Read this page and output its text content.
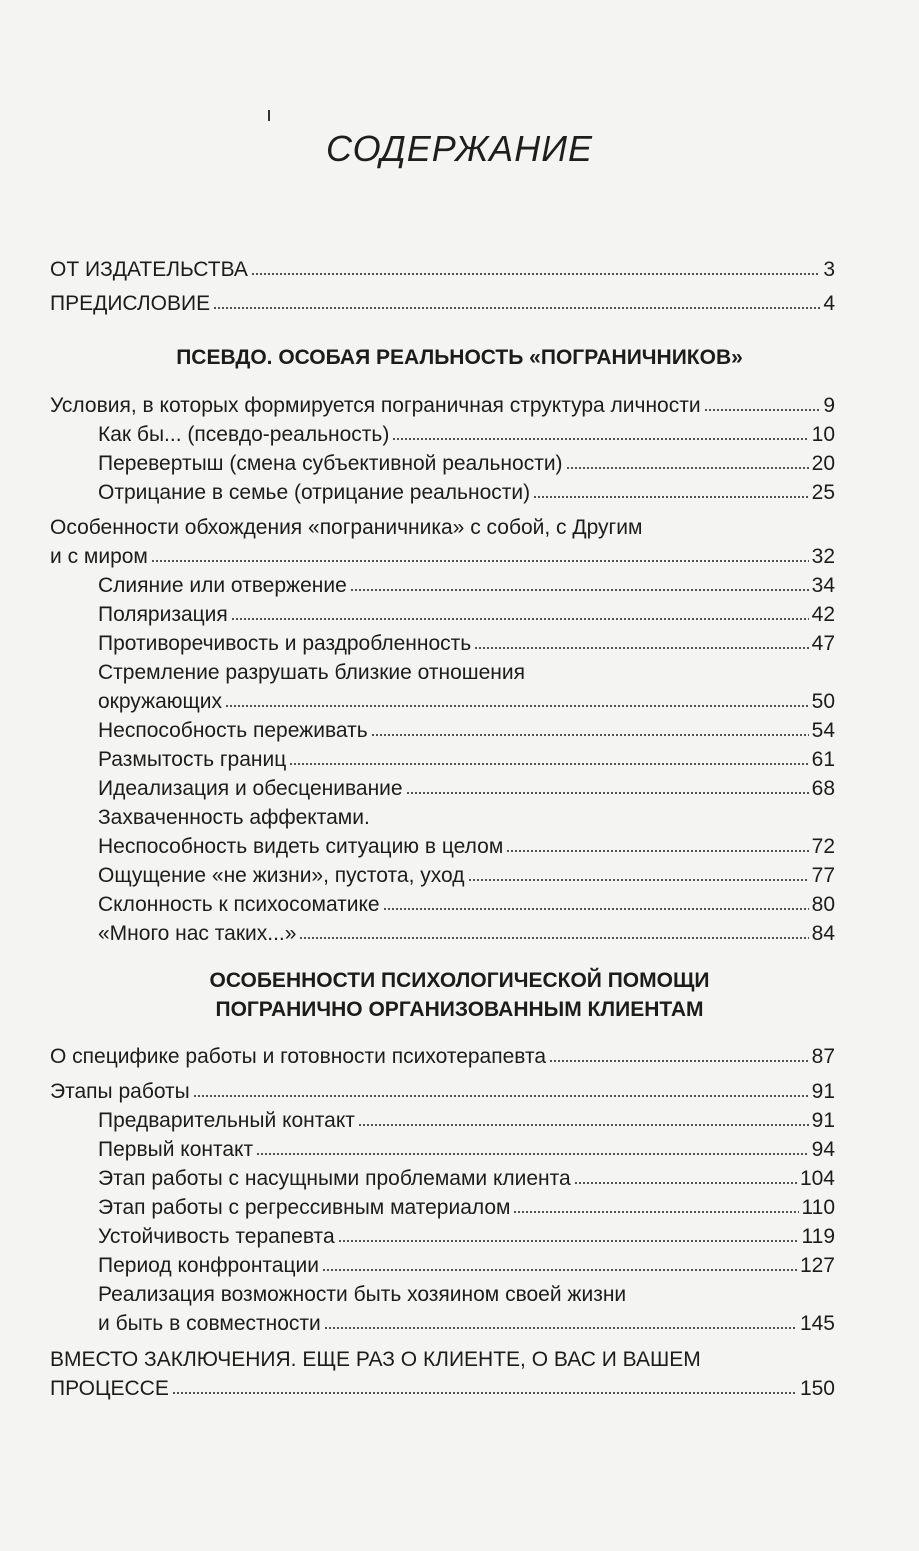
СОДЕРЖАНИЕ
ОТ ИЗДАТЕЛЬСТВА	3
ПРЕДИСЛОВИЕ	4
ПСЕВДО. ОСОБАЯ РЕАЛЬНОСТЬ «ПОГРАНИЧНИКОВ»
Условия, в которых формируется пограничная структура личности	9
Как бы... (псевдо-реальность)	10
Перевертыш (смена субъективной реальности)	20
Отрицание в семье (отрицание реальности)	25
Особенности обхождения «пограничника» с собой, с Другим
и с миром	32
Слияние или отвержение	34
Поляризация	42
Противоречивость и раздробленность	47
Стремление разрушать близкие отношения
окружающих	50
Неспособность переживать	54
Размытость границ	61
Идеализация и обесценивание	68
Захваченность аффектами.
Неспособность видеть ситуацию в целом	72
Ощущение «не жизни», пустота, уход	77
Склонность к психосоматике	80
«Много нас таких...»	84
ОСОБЕННОСТИ ПСИХОЛОГИЧЕСКОЙ ПОМОЩИ
ПОГРАНИЧНО ОРГАНИЗОВАННЫМ КЛИЕНТАМ
О специфике работы и готовности психотерапевта	87
Этапы работы	91
Предварительный контакт	91
Первый контакт	94
Этап работы с насущными проблемами клиента	104
Этап работы с регрессивным материалом	110
Устойчивость терапевта	119
Период конфронтации	127
Реализация возможности быть хозяином своей жизни
и быть в совместности	145
ВМЕСТО ЗАКЛЮЧЕНИЯ. ЕЩЕ РАЗ О КЛИЕНТЕ, О ВАС И ВАШЕМ
ПРОЦЕССЕ	150
